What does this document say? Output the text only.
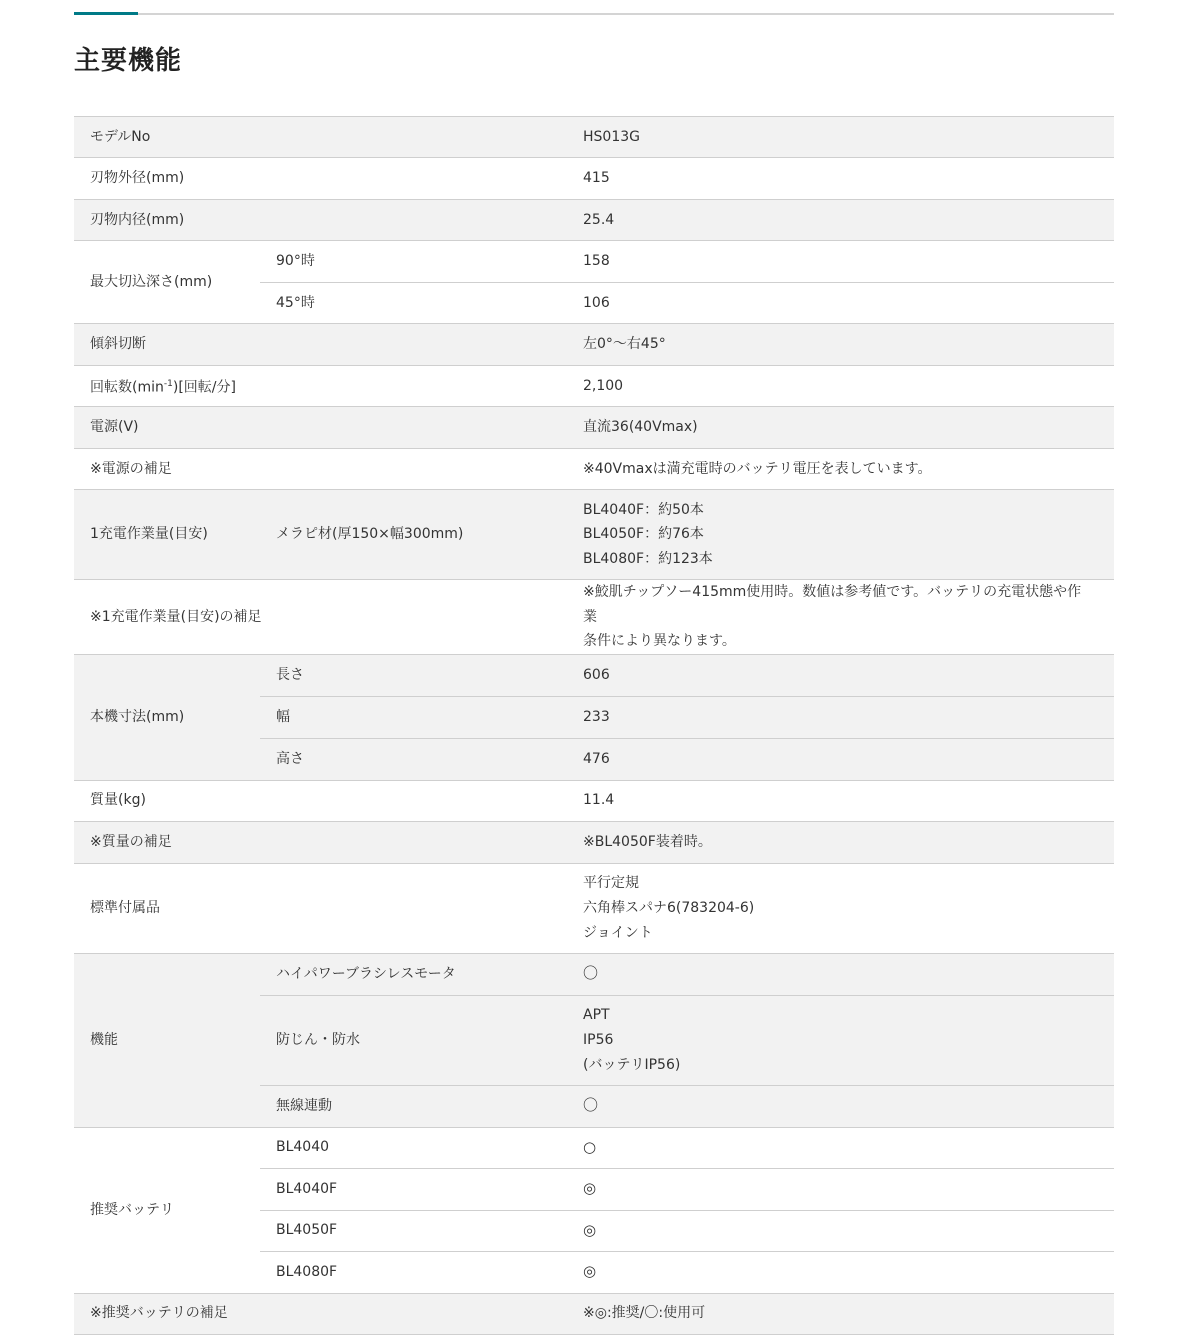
主要機能
モデルNo		HS013G
刃物外径(mm)		415
刃物内径(mm)		25.4
最大切込深さ(mm)	90°時	158
	45°時	106
傾斜切断		左0°～右45°
回転数$(\min^{-1})$[回転/分]		2,100
電源(V)		直流36(40Vmax)
※電源の補足		※40Vmaxは満充電時のバッテリ電圧を表しています。
1充電作業量(目安)	メラピ材(厚150×幅300mm)	BL4040F：約50本
BL4050F：約76本
BL4080F：約123本

※1充電作業量(目安)の補足		※鮫肌チップソー415mm使用時。数値は参考値です。バッテリの充電状態や作業
条件により異なります。

本機寸法(mm)	長さ	606
	幅	233
	高さ	476
質量(kg)		11.4
※質量の補足		※BL4050F装着時。
標準付属品		平行定規
六角棒スパナ6(783204-6)
ジョイント

機能	ハイパワーブラシレスモータ	〇
	防じん・防水	APT
IP56
(バッテリIP56)

	無線連動	〇
推奨バッテリ	BL4040	○
	BL4040F	◎
	BL4050F	◎
	BL4080F	◎
※推奨バッテリの補足		※◎:推奨/〇:使用可
